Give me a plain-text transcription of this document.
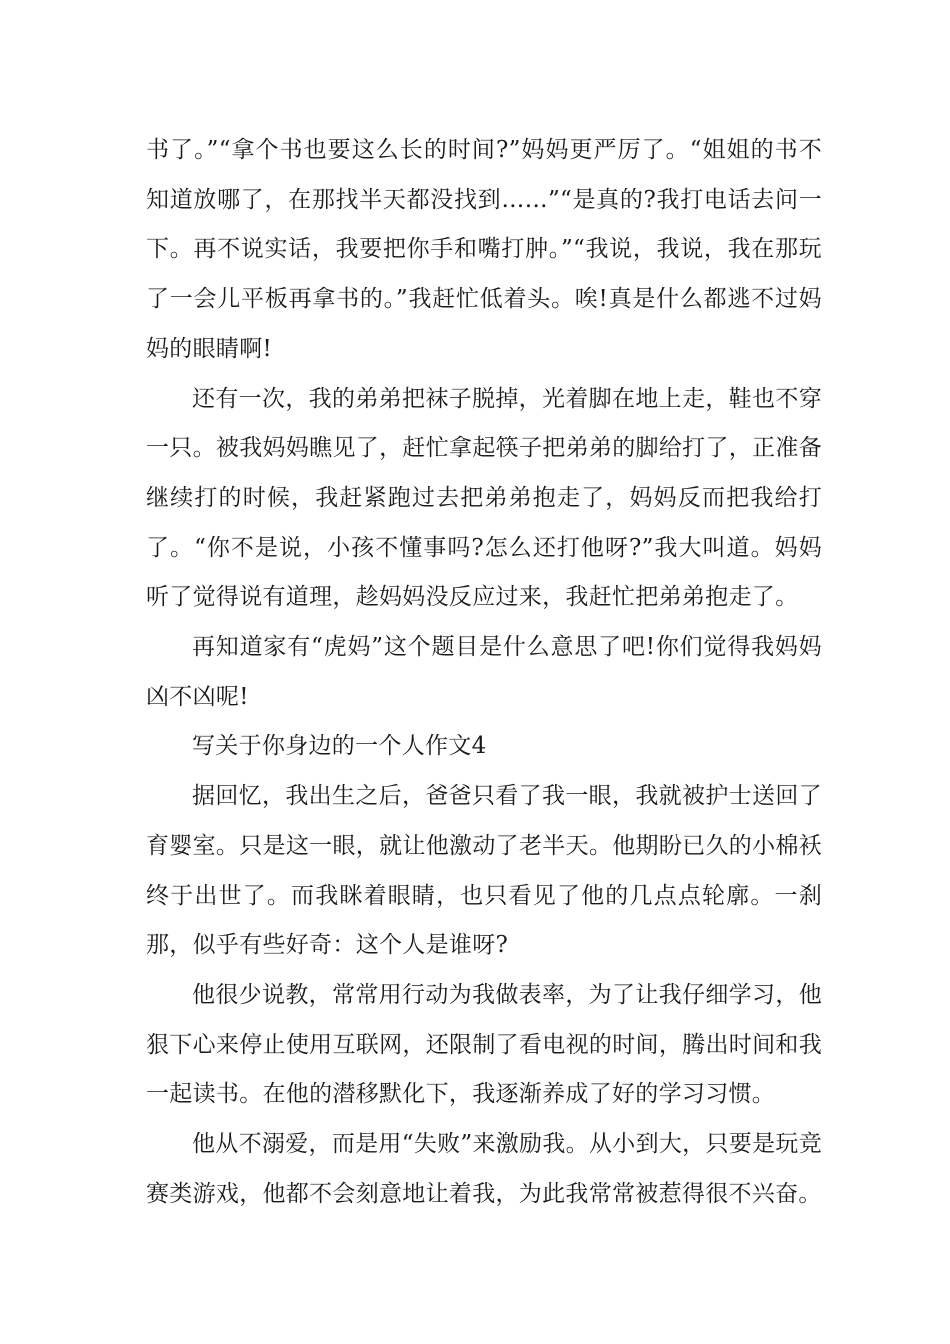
书了。”“拿个书也要这么长的时间?”妈妈更严厉了。“姐姐的书不知道放哪了，在那找半天都没找到……”“是真的?我打电话去问一下。再不说实话，我要把你手和嘴打肿。”“我说，我说，我在那玩了一会儿平板再拿书的。”我赶忙低着头。唉!真是什么都逃不过妈妈的眼睛啊!

还有一次，我的弟弟把袜子脱掉，光着脚在地上走，鞋也不穿一只。被我妈妈瞧见了，赶忙拿起筷子把弟弟的脚给打了，正准备继续打的时候，我赶紧跑过去把弟弟抱走了，妈妈反而把我给打了。“你不是说，小孩不懂事吗?怎么还打他呀?”我大叫道。妈妈听了觉得说有道理，趁妈妈没反应过来，我赶忙把弟弟抱走了。

再知道家有“虎妈”这个题目是什么意思了吧!你们觉得我妈妈凶不凶呢!

写关于你身边的一个人作文4

据回忆，我出生之后，爸爸只看了我一眼，我就被护士送回了育婴室。只是这一眼，就让他激动了老半天。他期盼已久的小棉袄终于出世了。而我眯着眼睛，也只看见了他的几点点轮廓。一刹那，似乎有些好奇：这个人是谁呀?

他很少说教，常常用行动为我做表率，为了让我仔细学习，他狠下心来停止使用互联网，还限制了看电视的时间，腾出时间和我一起读书。在他的潜移默化下，我逐渐养成了好的学习习惯。

他从不溺爱，而是用“失败”来激励我。从小到大，只要是玩竞赛类游戏，他都不会刻意地让着我，为此我常常被惹得很不兴奋。
